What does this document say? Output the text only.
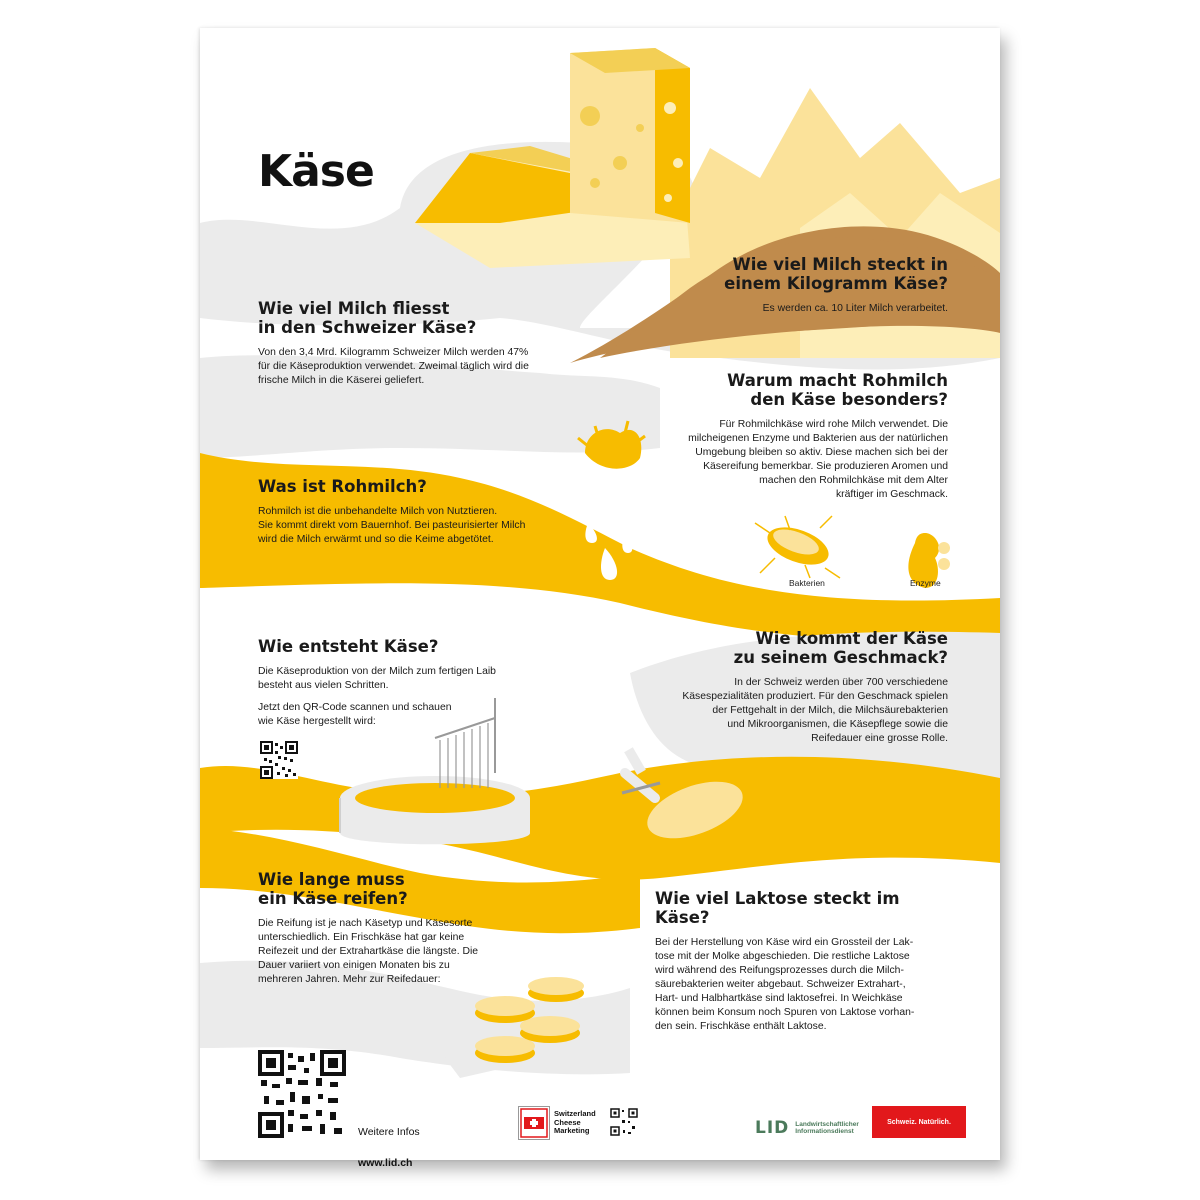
Käse
Wie viel Milch fliesst
in den Schweizer Käse?

Von den 3,4 Mrd. Kilogramm Schweizer Milch werden 47%
für die Käseproduktion verwendet. Zweimal täglich wird die
frische Milch in die Käserei geliefert.

Wie viel Milch steckt in
einem Kilogramm Käse?

Es werden ca. 10 Liter Milch verarbeitet.

Warum macht Rohmilch
den Käse besonders?

Für Rohmilchkäse wird rohe Milch verwendet. Die
milcheigenen Enzyme und Bakterien aus der natürlichen
Umgebung bleiben so aktiv. Diese machen sich bei der
Käsereifung bemerkbar. Sie produzieren Aromen und
machen den Rohmilchkäse mit dem Alter
kräftiger im Geschmack.

Bakterien	Enzyme
Was ist Rohmilch?

Rohmilch ist die unbehandelte Milch von Nutztieren.
Sie kommt direkt vom Bauernhof. Bei pasteurisierter Milch
wird die Milch erwärmt und so die Keime abgetötet.

Wie entsteht Käse?

Die Käseproduktion von der Milch zum fertigen Laib
besteht aus vielen Schritten.

Jetzt den QR-Code scannen und schauen
wie Käse hergestellt wird:

Wie kommt der Käse
zu seinem Geschmack?

In der Schweiz werden über 700 verschiedene
Käsespezialitäten produziert. Für den Geschmack spielen
der Fettgehalt in der Milch, die Milchsäurebakterien
und Mikroorganismen, die Käsepflege sowie die
Reifedauer eine grosse Rolle.

Wie lange muss
ein Käse reifen?

Die Reifung ist je nach Käsetyp und Käsesorte
unterschiedlich. Ein Frischkäse hat gar keine
Reifezeit und der Extrahartkäse die längste. Die
Dauer variiert von einigen Monaten bis zu
mehreren Jahren. Mehr zur Reifedauer:

Wie viel Laktose steckt im Käse?

Bei der Herstellung von Käse wird ein Grossteil der Lak-
tose mit der Molke abgeschieden. Die restliche Laktose
wird während des Reifungsprozesses durch die Milch-
säurebakterien weiter abgebaut. Schweizer Extrahart-,
Hart- und Halbhartkäse sind laktosefrei. In Weichkäse
können beim Konsum noch Spuren von Laktose vorhan-
den sein. Frischkäse enthält Laktose.

Weitere Infos

www.lid.ch

Switzerland
Cheese
Marketing	LID Landwirtschaftlicher
Informationsdienst
Schweiz. Natürlich.
